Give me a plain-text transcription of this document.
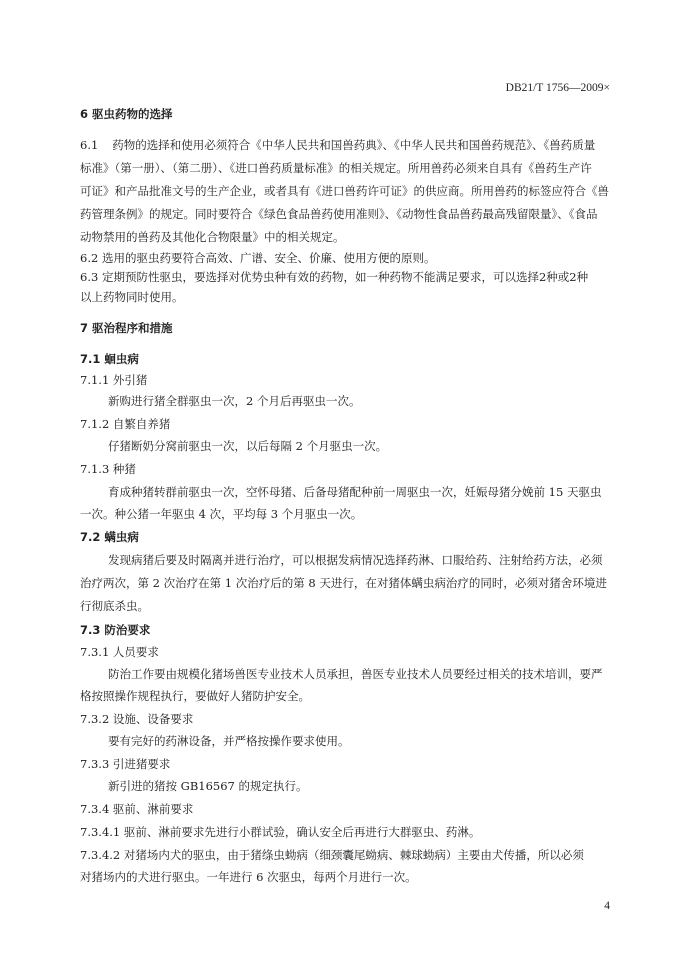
DB21/T 1756—2009×
6 驱虫药物的选择
6.1 药物的选择和使用必须符合《中华人民共和国兽药典》、《中华人民共和国兽药规范》、《兽药质量
标准》（第一册）、（第二册）、《进口兽药质量标准》的相关规定。所用兽药必须来自具有《兽药生产许
可证》和产品批准文号的生产企业，或者具有《进口兽药许可证》的供应商。所用兽药的标签应符合《兽
药管理条例》的规定。同时要符合《绿色食品兽药使用准则》、《动物性食品兽药最高残留限量》、《食品
动物禁用的兽药及其他化合物限量》中的相关规定。
6.2 选用的驱虫药要符合高效、广谱、安全、价廉、使用方便的原则。
6.3 定期预防性驱虫，要选择对优势虫种有效的药物，如一种药物不能满足要求，可以选择2种或2种
以上药物同时使用。
7 驱治程序和措施
7.1 蛔虫病
7.1.1 外引猪
新购进行猪全群驱虫一次，2 个月后再驱虫一次。
7.1.2 自繁自养猪
仔猪断奶分窝前驱虫一次，以后每隔 2 个月驱虫一次。
7.1.3 种猪
育成种猪转群前驱虫一次，空怀母猪、后备母猪配种前一周驱虫一次，妊娠母猪分娩前 15 天驱虫
一次。种公猪一年驱虫 4 次，平均每 3 个月驱虫一次。
7.2 螨虫病
发现病猪后要及时隔离并进行治疗，可以根据发病情况选择药淋、口服给药、注射给药方法，必须
治疗两次，第 2 次治疗在第 1 次治疗后的第 8 天进行，在对猪体螨虫病治疗的同时，必须对猪舍环境进
行彻底杀虫。
7.3 防治要求
7.3.1 人员要求
防治工作要由规模化猪场兽医专业技术人员承担，兽医专业技术人员要经过相关的技术培训，要严
格按照操作规程执行，要做好人猪防护安全。
7.3.2 设施、设备要求
要有完好的药淋设备，并严格按操作要求使用。
7.3.3 引进猪要求
新引进的猪按 GB16567 的规定执行。
7.3.4 驱前、淋前要求
7.3.4.1 驱前、淋前要求先进行小群试验，确认安全后再进行大群驱虫、药淋。
7.3.4.2 对猪场内犬的驱虫，由于猪绦虫蚴病（细颈囊尾蚴病、棘球蚴病）主要由犬传播，所以必须
对猪场内的犬进行驱虫。一年进行 6 次驱虫，每两个月进行一次。
4
